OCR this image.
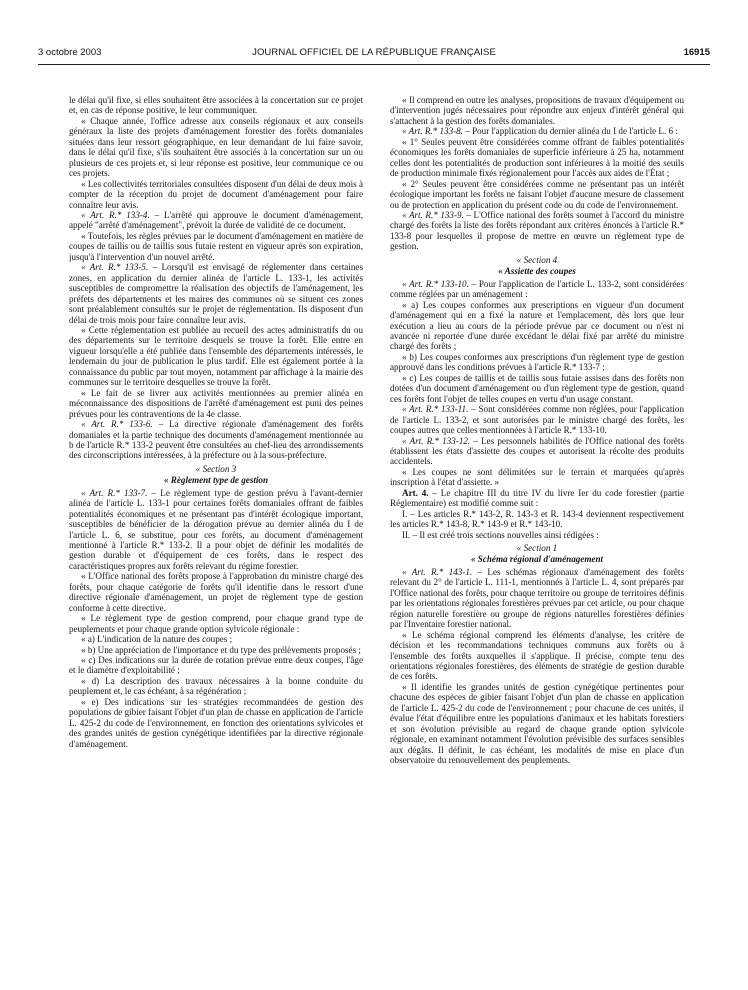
3 octobre 2003	JOURNAL OFFICIEL DE LA RÉPUBLIQUE FRANÇAISE	16915

le délai qu'il fixe, si elles souhaitent être associées à la concertation sur ce projet et, en cas de réponse positive, le leur communiquer.

« Chaque année, l'office adresse aux conseils régionaux et aux conseils généraux la liste des projets d'aménagement forestier des forêts domaniales situées dans leur ressort géographique, en leur demandant de lui faire savoir, dans le délai qu'il fixe, s'ils souhaitent être associés à la concertation sur un ou plusieurs de ces projets et, si leur réponse est positive, leur communique ce ou ces projets.

« Les collectivités territoriales consultées disposent d'un délai de deux mois à compter de la réception du projet de document d'aménagement pour faire connaître leur avis.

« Art. R.* 133-4. – L'arrêté qui approuve le document d'aménagement, appelé "arrêté d'aménagement", prévoit la durée de validité de ce document.

« Toutefois, les règles prévues par le document d'aménagement en matière de coupes de taillis ou de taillis sous futaie restent en vigueur après son expiration, jusqu'à l'intervention d'un nouvel arrêté.

« Art. R.* 133-5. – Lorsqu'il est envisagé de réglementer dans certaines zones, en application du dernier alinéa de l'article L. 133-1, les activités susceptibles de compromettre la réalisation des objectifs de l'aménagement, les préfets des départements et les maires des communes où se situent ces zones sont préalablement consultés sur le projet de réglementation. Ils disposent d'un délai de trois mois pour faire connaître leur avis.

« Cette réglementation est publiée au recueil des actes administratifs du ou des départements sur le territoire desquels se trouve la forêt. Elle entre en vigueur lorsqu'elle a été publiée dans l'ensemble des départements intéressés, le lendemain du jour de publication le plus tardif. Elle est également portée à la connaissance du public par tout moyen, notamment par affichage à la mairie des communes sur le territoire desquelles se trouve la forêt.

« Le fait de se livrer aux activités mentionnées au premier alinéa en méconnaissance des dispositions de l'arrêté d'aménagement est puni des peines prévues pour les contraventions de la 4e classe.

« Art. R.* 133-6. – La directive régionale d'aménagement des forêts domaniales et la partie technique des documents d'aménagement mentionnée au b de l'article R.* 133-2 peuvent être consultées au chef-lieu des arrondissements des circonscriptions intéressées, à la préfecture ou à la sous-préfecture.

« Section 3

« Règlement type de gestion

« Art. R.* 133-7. – Le règlement type de gestion prévu à l'avant-dernier alinéa de l'article L. 133-1 pour certaines forêts domaniales offrant de faibles potentialités économiques et ne présentant pas d'intérêt écologique important, susceptibles de bénéficier de la dérogation prévue au dernier alinéa du I de l'article L. 6, se substitue, pour ces forêts, au document d'aménagement mentionné à l'article R.* 133-2. Il a pour objet de définir les modalités de gestion durable et d'équipement de ces forêts, dans le respect des caractéristiques propres aux forêts relevant du régime forestier.

« L'Office national des forêts propose à l'approbation du ministre chargé des forêts, pour chaque catégorie de forêts qu'il identifie dans le ressort d'une directive régionale d'aménagement, un projet de règlement type de gestion conforme à cette directive.

« Le règlement type de gestion comprend, pour chaque grand type de peuplements et pour chaque grande option sylvicole régionale :

« a) L'indication de la nature des coupes ;

« b) Une appréciation de l'importance et du type des prélèvements proposés ;

« c) Des indications sur la durée de rotation prévue entre deux coupes, l'âge et le diamètre d'exploitabilité ;

« d) La description des travaux nécessaires à la bonne conduite du peuplement et, le cas échéant, à sa régénération ;

« e) Des indications sur les stratégies recommandées de gestion des populations de gibier faisant l'objet d'un plan de chasse en application de l'article L. 425-2 du code de l'environnement, en fonction des orientations sylvicoles et des grandes unités de gestion cynégétique identifiées par la directive régionale d'aménagement.

« Il comprend en outre les analyses, propositions de travaux d'équipement ou d'intervention jugés nécessaires pour répondre aux enjeux d'intérêt général qui s'attachent à la gestion des forêts domaniales.

« Art. R.* 133-8. – Pour l'application du dernier alinéa du I de l'article L. 6 :

« 1° Seules peuvent être considérées comme offrant de faibles potentialités économiques les forêts domaniales de superficie inférieure à 25 ha, notamment celles dont les potentialités de production sont inférieures à la moitié des seuils de production minimale fixés régionalement pour l'accès aux aides de l'État ;

« 2° Seules peuvent être considérées comme ne présentant pas un intérêt écologique important les forêts ne faisant l'objet d'aucune mesure de classement ou de protection en application du présent code ou du code de l'environnement.

« Art. R.* 133-9. – L'Office national des forêts soumet à l'accord du ministre chargé des forêts la liste des forêts répondant aux critères énoncés à l'article R.* 133-8 pour lesquelles il propose de mettre en œuvre un règlement type de gestion.

« Section 4

« Assiette des coupes

« Art. R.* 133-10. – Pour l'application de l'article L. 133-2, sont considérées comme réglées par un aménagement :

« a) Les coupes conformes aux prescriptions en vigueur d'un document d'aménagement qui en a fixé la nature et l'emplacement, dès lors que leur exécution a lieu au cours de la période prévue par ce document ou n'est ni avancée ni reportée d'une durée excédant le délai fixé par arrêté du ministre chargé des forêts ;

« b) Les coupes conformes aux prescriptions d'un règlement type de gestion approuvé dans les conditions prévues à l'article R.* 133-7 ;

« c) Les coupes de taillis et de taillis sous futaie assises dans des forêts non dotées d'un document d'aménagement ou d'un règlement type de gestion, quand ces forêts font l'objet de telles coupes en vertu d'un usage constant.

« Art. R.* 133-11. – Sont considérées comme non réglées, pour l'application de l'article L. 133-2, et sont autorisées par le ministre chargé des forêts, les coupes autres que celles mentionnées à l'article R.* 133-10.

« Art. R.* 133-12. – Les personnels habilités de l'Office national des forêts établissent les états d'assiette des coupes et autorisent la récolte des produits accidentels.

« Les coupes ne sont délimitées sur le terrain et marquées qu'après inscription à l'état d'assiette. »

Art. 4. – Le chapitre III du titre IV du livre Ier du code forestier (partie Réglementaire) est modifié comme suit :

I. – Les articles R.* 143-2, R. 143-3 et R. 143-4 deviennent respectivement les articles R.* 143-8, R.* 143-9 et R.* 143-10.

II. – Il est créé trois sections nouvelles ainsi rédigées :

« Section 1

« Schéma régional d'aménagement

« Art. R.* 143-1. – Les schémas régionaux d'aménagement des forêts relevant du 2° de l'article L. 111-1, mentionnés à l'article L. 4, sont préparés par l'Office national des forêts, pour chaque territoire ou groupe de territoires définis par les orientations régionales forestières prévues par cet article, ou pour chaque région naturelle forestière ou groupe de régions naturelles forestières définies par l'Inventaire forestier national.

« Le schéma régional comprend les éléments d'analyse, les critère de décision et les recommandations techniques communs aux forêts ou à l'ensemble des forêts auxquelles il s'applique. Il précise, compte tenu des orientations régionales forestières, des éléments de stratégie de gestion durable de ces forêts.

« Il identifie les grandes unités de gestion cynégétique pertinentes pour chacune des espèces de gibier faisant l'objet d'un plan de chasse en application de l'article L. 425-2 du code de l'environnement ; pour chacune de ces unités, il évalue l'état d'équilibre entre les populations d'animaux et les habitats forestiers et son évolution prévisible au regard de chaque grande option sylvicole régionale, en examinant notamment l'évolution prévisible des surfaces sensibles aux dégâts. Il définit, le cas échéant, les modalités de mise en place d'un observatoire du renouvellement des peuplements.
